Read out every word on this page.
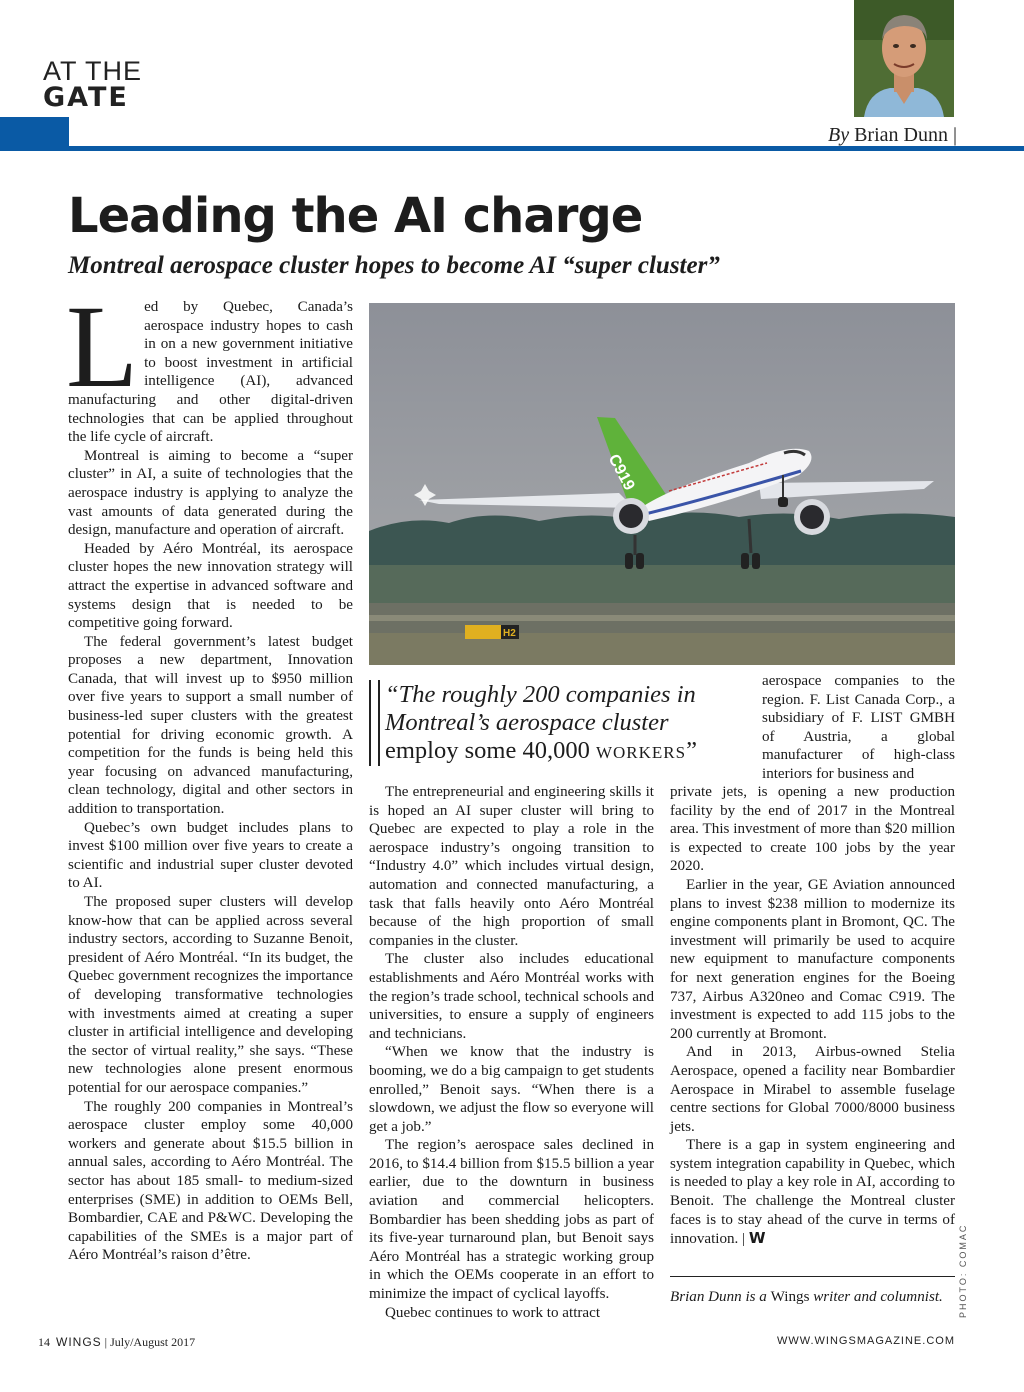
AT THE
GATE
By Brian Dunn |
Leading the AI charge
Montreal aerospace cluster hopes to become AI “super cluster”

Led by Quebec, Canada’s aerospace industry hopes to cash in on a new government initiative to boost investment in artificial intelligence (AI), advanced manufacturing and other digital-driven technologies that can be applied throughout the life cycle of aircraft.

Montreal is aiming to become a “super cluster” in AI, a suite of technologies that the aerospace industry is applying to analyze the vast amounts of data generated during the design, manufacture and operation of aircraft.

Headed by Aéro Montréal, its aerospace cluster hopes the new innovation strategy will attract the expertise in advanced software and systems design that is needed to be competitive going forward.

The federal government’s latest budget proposes a new department, Innovation Canada, that will invest up to $950 million over five years to support a small number of business-led super clusters with the greatest potential for driving economic growth. A competition for the funds is being held this year focusing on advanced manufacturing, clean technology, digital and other sectors in addition to transportation.

Quebec’s own budget includes plans to invest $100 million over five years to create a scientific and industrial super cluster devoted to AI.

The proposed super clusters will develop know-how that can be applied across several industry sectors, according to Suzanne Benoit, president of Aéro Montréal. “In its budget, the Quebec government recognizes the importance of developing transformative technologies with investments aimed at creating a super cluster in artificial intelligence and developing the sector of virtual reality,” she says. “These new technologies alone present enormous potential for our aerospace companies.”

The roughly 200 companies in Montreal’s aerospace cluster employ some 40,000 workers and generate about $15.5 billion in annual sales, according to Aéro Montréal. The sector has about 185 small- to medium-sized enterprises (SME) in addition to OEMs Bell, Bombardier, CAE and P&WC. Developing the capabilities of the SMEs is a major part of Aéro Montréal’s raison d’être.

H2
C919
“The roughly 200 companies in
Montreal’s aerospace cluster
employ some 40,000 workers”

The entrepreneurial and engineering skills it is hoped an AI super cluster will bring to Quebec are expected to play a role in the aerospace industry’s ongoing transition to “Industry 4.0” which includes virtual design, automation and connected manufacturing, a task that falls heavily onto Aéro Montréal because of the high proportion of small companies in the cluster.

The cluster also includes educational establishments and Aéro Montréal works with the region’s trade school, technical schools and universities, to ensure a supply of engineers and technicians.

“When we know that the industry is booming, we do a big campaign to get students enrolled,” Benoit says. “When there is a slowdown, we adjust the flow so everyone will get a job.”

The region’s aerospace sales declined in 2016, to $14.4 billion from $15.5 billion a year earlier, due to the downturn in business aviation and commercial helicopters. Bombardier has been shedding jobs as part of its five-year turnaround plan, but Benoit says Aéro Montréal has a strategic working group in which the OEMs cooperate in an effort to minimize the impact of cyclical layoffs.

Quebec continues to work to attract

aerospace companies to the region. F. List Canada Corp., a subsidiary of F. LIST GMBH of Austria, a global manufacturer of high-class interiors for business and

private jets, is opening a new production facility by the end of 2017 in the Montreal area. This investment of more than $20 million is expected to create 100 jobs by the year 2020.

Earlier in the year, GE Aviation announced plans to invest $238 million to modernize its engine components plant in Bromont, QC. The investment will primarily be used to acquire new equipment to manufacture components for next generation engines for the Boeing 737, Airbus A320neo and Comac C919. The investment is expected to add 115 jobs to the 200 currently at Bromont.

And in 2013, Airbus-owned Stelia Aerospace, opened a facility near Bombardier Aerospace in Mirabel to assemble fuselage centre sections for Global 7000/8000 business jets.

There is a gap in system engineering and system integration capability in Quebec, which is needed to play a key role in AI, according to Benoit. The challenge the Montreal cluster faces is to stay ahead of the curve in terms of innovation. | W

Brian Dunn is a Wings writer and columnist.	PHOTO: COMAC
14 WINGS | July/August 2017	WWW.WINGSMAGAZINE.COM
